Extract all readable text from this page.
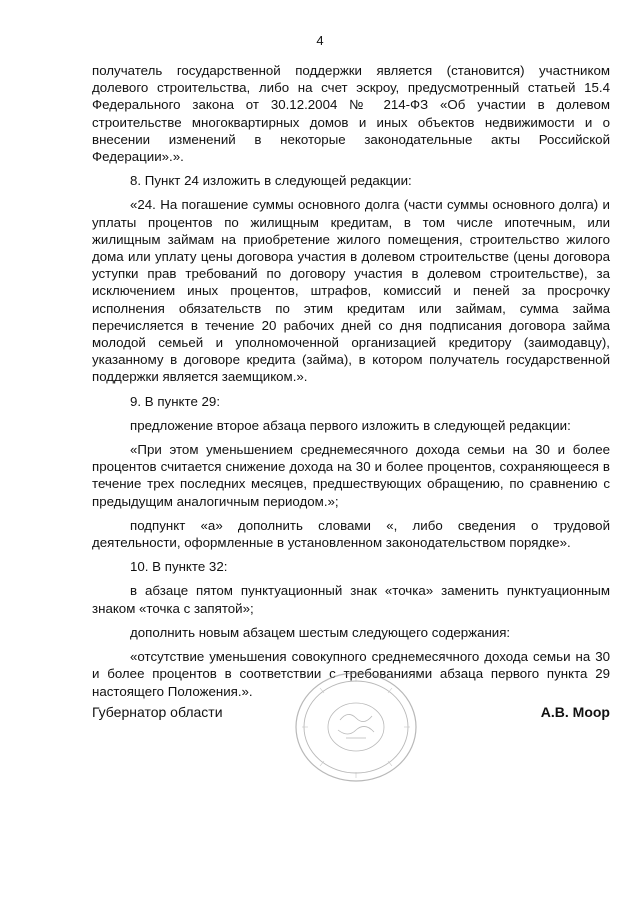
4

получатель государственной поддержки является (становится) участником долевого строительства, либо на счет эскроу, предусмотренный статьей 15.4 Федерального закона от 30.12.2004 № 214-ФЗ «Об участии в долевом строительстве многоквартирных домов и иных объектов недвижимости и о внесении изменений в некоторые законодательные акты Российской Федерации».».

8. Пункт 24 изложить в следующей редакции:

«24. На погашение суммы основного долга (части суммы основного долга) и уплаты процентов по жилищным кредитам, в том числе ипотечным, или жилищным займам на приобретение жилого помещения, строительство жилого дома или уплату цены договора участия в долевом строительстве (цены договора уступки прав требований по договору участия в долевом строительстве), за исключением иных процентов, штрафов, комиссий и пеней за просрочку исполнения обязательств по этим кредитам или займам, сумма займа перечисляется в течение 20 рабочих дней со дня подписания договора займа молодой семьей и уполномоченной организацией кредитору (заимодавцу), указанному в договоре кредита (займа), в котором получатель государственной поддержки является заемщиком.».

9. В пункте 29:

предложение второе абзаца первого изложить в следующей редакции:

«При этом уменьшением среднемесячного дохода семьи на 30 и более процентов считается снижение дохода на 30 и более процентов, сохраняющееся в течение трех последних месяцев, предшествующих обращению, по сравнению с предыдущим аналогичным периодом.»;

подпункт «а» дополнить словами «, либо сведения о трудовой деятельности, оформленные в установленном законодательством порядке».

10. В пункте 32:

в абзаце пятом пунктуационный знак «точка» заменить пунктуационным знаком «точка с запятой»;

дополнить новым абзацем шестым следующего содержания:

«отсутствие уменьшения совокупного среднемесячного дохода семьи на 30 и более процентов в соответствии с требованиями абзаца первого пункта 29 настоящего Положения.».

Губернатор области	А.В. Моор
